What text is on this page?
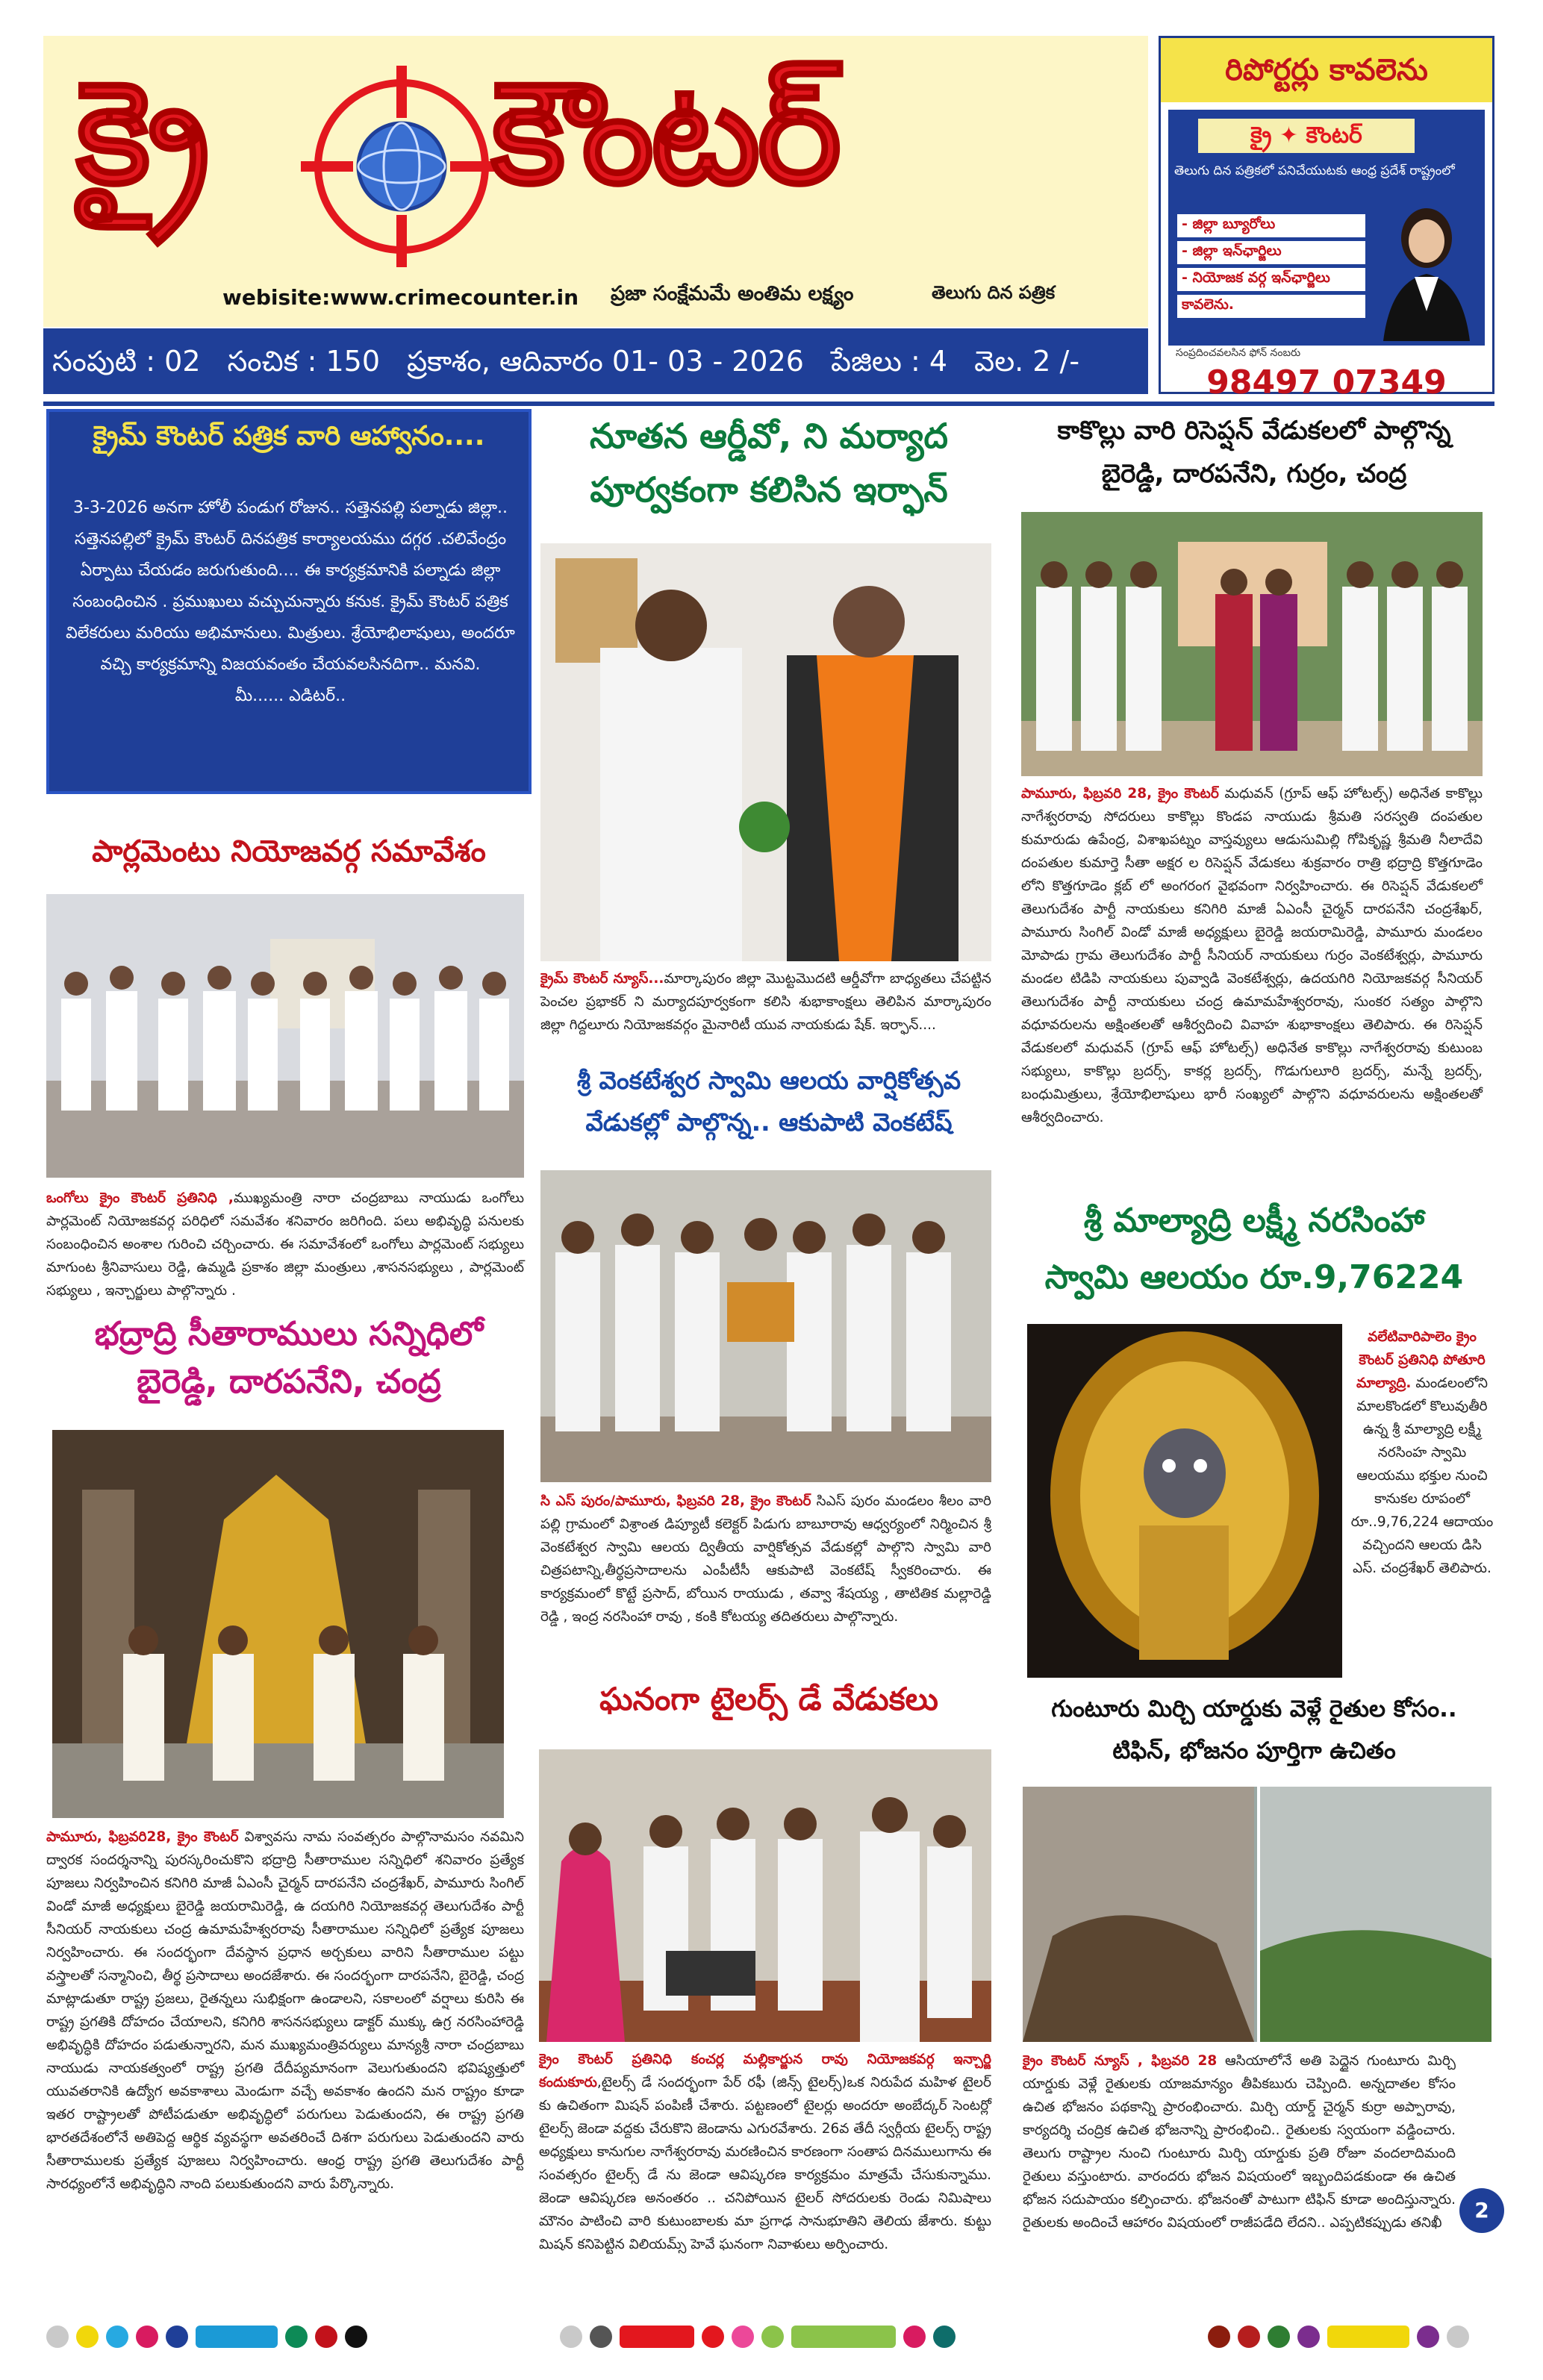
క్రై కౌంటర్
webisite:www.crimecounter.in ప్రజా సంక్షేమమే అంతిమ లక్ష్యం	తెలుగు దిన పత్రిక
రిపోర్టర్లు కావలెను
క్రై ✦ కౌంటర్
తెలుగు దిన పత్రికలో పనిచేయుటకు ఆంధ్ర ప్రదేశ్ రాష్ట్రంలో
- జిల్లా బ్యూరోలు
- జిల్లా ఇన్‌ఛార్జిలు
- నియోజక వర్గ ఇన్‌ఛార్జిలు
కావలెను.
సంప్రదించవలసిన ఫోన్ నంబరు
98497 07349
సంపుటి : 02 సంచిక : 150 ప్రకాశం, ఆదివారం 01- 03 - 2026 పేజిలు : 4 వెల. 2 /-
క్రైమ్ కౌంటర్ పత్రిక వారి ఆహ్వానం....
3-3-2026 అనగా హోలీ పండుగ రోజున.. సత్తెనపల్లి పల్నాడు జిల్లా.. సత్తెనపల్లిలో క్రైమ్ కౌంటర్ దినపత్రిక కార్యాలయము దగ్గర .చలివేంద్రం ఏర్పాటు చేయడం జరుగుతుంది.... ఈ కార్యక్రమానికి పల్నాడు జిల్లా సంబంధించిన . ప్రముఖులు వచ్చుచున్నారు కనుక. క్రైమ్ కౌంటర్ పత్రిక విలేకరులు మరియు అభిమానులు. మిత్రులు. శ్రేయోభిలాషులు, అందరూ వచ్చి కార్యక్రమాన్ని విజయవంతం చేయవలసినదిగా.. మనవి.
మీ...... ఎడిటర్..
పార్లమెంటు నియోజవర్గ సమావేశం
ఒంగోలు క్రైం కౌంటర్ ప్రతినిధి ,ముఖ్యమంత్రి నారా చంద్రబాబు నాయుడు ఒంగోలు పార్లమెంట్ నియోజకవర్గ పరిధిలో సమవేశం శనివారం జరిగింది. పలు అభివృద్ధి పనులకు సంబంధించిన అంశాల గురించి చర్చించారు. ఈ సమావేశంలో ఒంగోలు పార్లమెంట్ సభ్యులు మాగుంట శ్రీనివాసులు రెడ్డి, ఉమ్మడి ప్రకాశం జిల్లా మంత్రులు ,శాసనసభ్యులు , పార్లమెంట్ సభ్యులు , ఇన్చార్జులు పాల్గొన్నారు .
భద్రాద్రి సీతారాములు సన్నిధిలో
బైరెడ్డి, దారపనేని, చంద్ర
పామూరు, ఫిబ్రవరి28, క్రైం కౌంటర్ విశ్వావసు నామ సంవత్సరం పాల్గొనామసం నవమిని ద్వారక సందర్శనాన్ని పురస్కరించుకొని భద్రాద్రి సీతారాముల సన్నిధిలో శనివారం ప్రత్యేక పూజలు నిర్వహించిన కనిగిరి మాజీ ఏఎంసీ చైర్మన్ దారపనేని చంద్రశేఖర్, పామూరు సింగిల్ విండో మాజీ అధ్యక్షులు బైరెడ్డి జయరామిరెడ్డి, ఉ దయగిరి నియోజకవర్గ తెలుగుదేశం పార్టీ సీనియర్ నాయకులు చంద్ర ఉమామహేశ్వరరావు సీతారాముల సన్నిధిలో ప్రత్యేక పూజలు నిర్వహించారు. ఈ సందర్భంగా దేవస్థాన ప్రధాన అర్చకులు వారిని సీతారాముల పట్టు వస్త్రాలతో సన్మానించి, తీర్థ ప్రసాదాలు అందజేశారు. ఈ సందర్భంగా దారపనేని, బైరెడ్డి, చంద్ర మాట్లాడుతూ రాష్ట్ర ప్రజలు, రైతన్నలు సుభిక్షంగా ఉండాలని, సకాలంలో వర్షాలు కురిసి ఈ రాష్ట్ర ప్రగతికి దోహదం చేయాలని, కనిగిరి శాసనసభ్యులు డాక్టర్ ముక్కు ఉగ్ర నరసింహారెడ్డి అభివృద్ధికి దోహదం పడుతున్నారని, మన ముఖ్యమంత్రివర్యులు మాన్యశ్రీ నారా చంద్రబాబు నాయుడు నాయకత్వంలో రాష్ట్ర ప్రగతి దేదీప్యమానంగా వెలుగుతుందని భవిష్యత్తులో యువతరానికి ఉద్యోగ అవకాశాలు మెండుగా వచ్చే అవకాశం ఉందని మన రాష్ట్రం కూడా ఇతర రాష్ట్రాలతో పోటీపడుతూ అభివృద్ధిలో పరుగులు పెడుతుందని, ఈ రాష్ట్ర ప్రగతి భారతదేశంలోనే అతిపెద్ద ఆర్థిక వ్యవస్థగా అవతరించే దిశగా పరుగులు పెడుతుందని వారు సీతారాములకు ప్రత్యేక పూజలు నిర్వహించారు. ఆంధ్ర రాష్ట్ర ప్రగతి తెలుగుదేశం పార్టీ సారధ్యంలోనే అభివృద్ధిని నాంది పలుకుతుందని వారు పేర్కొన్నారు.
నూతన ఆర్డీవో, ని మర్యాద
పూర్వకంగా కలిసిన ఇర్ఫాన్
క్రైమ్ కౌంటర్ న్యూస్...మార్కాపురం జిల్లా మొట్టమొదటి ఆర్డీవోగా బాధ్యతలు చేపట్టిన పెంచల ప్రభాకర్ ని మర్యాదపూర్వకంగా కలిసి శుభాకాంక్షలు తెలిపిన మార్కాపురం జిల్లా గిద్దలూరు నియోజకవర్గం మైనారిటీ యువ నాయకుడు షేక్. ఇర్ఫాన్....
శ్రీ వెంకటేశ్వర స్వామి ఆలయ వార్షికోత్సవ
వేడుకల్లో పాల్గొన్న.. ఆకుపాటి వెంకటేష్
సి ఎస్ పురం/పామూరు, ఫిబ్రవరి 28, క్రైం కౌంటర్ సిఎస్ పురం మండలం శీలం వారి పల్లి గ్రామంలో విశ్రాంత డిప్యూటీ కలెక్టర్ పిడుగు బాబూరావు ఆధ్వర్యంలో నిర్మించిన శ్రీ వెంకటేశ్వర స్వామి ఆలయ ద్వితీయ వార్షికోత్సవ వేడుకల్లో పాల్గొని స్వామి వారి చిత్రపటాన్ని,తీర్థప్రసాదాలను ఎంపీటీసీ ఆకుపాటి వెంకటేష్ స్వీకరించారు. ఈ కార్యక్రమంలో కొట్టే ప్రసాద్, బోయిన రాయుడు , తవ్వా శేషయ్య , తాటితిక మల్లారెడ్డి రెడ్డి , ఇంద్ర నరసింహా రావు , కంకి కోటయ్య తదితరులు పాల్గొన్నారు.
ఘనంగా టైలర్స్ డే వేడుకలు
క్రైం కౌంటర్ ప్రతినిధి కంచర్ల మల్లికార్జున రావు నియోజకవర్గ ఇన్చార్జి కందుకూరు,టైలర్స్ డే సందర్భంగా పేర్ రఫీ (జిన్స్ టైలర్స్)ఒక నిరుపేద మహిళ టైలర్ కు ఉచితంగా మిషన్ పంపిణీ చేశారు. పట్టణంలో టైలర్లు అందరూ అంబేద్కర్ సెంటర్లో టైలర్స్ జెండా వద్దకు చేరుకొని జెండాను ఎగురవేశారు. 26వ తేదీ స్వర్గీయ టైలర్స్ రాష్ట్ర అధ్యక్షులు కానుగుల నాగేశ్వరరావు మరణించిన కారణంగా సంతాప దినములుగాను ఈ సంవత్సరం టైలర్స్ డే ను జెండా ఆవిష్కరణ కార్యక్రమం మాత్రమే చేసుకున్నాము. జెండా ఆవిష్కరణ అనంతరం .. చనిపోయిన టైలర్ సోదరులకు రెండు నిమిషాలు మౌనం పాటించి వారి కుటుంబాలకు మా ప్రగాఢ సానుభూతిని తెలియ జేశారు. కుట్టు మిషన్ కనిపెట్టిన విలియమ్స్ హెవే ఘనంగా నివాళులు అర్పించారు.
కాకొల్లు వారి రిసెప్షన్ వేడుకలలో పాల్గొన్న
బైరెడ్డి, దారపనేని, గుర్రం, చంద్ర
పామూరు, ఫిబ్రవరి 28, క్రైం కౌంటర్ మధువన్ (గ్రూప్ ఆఫ్ హోటల్స్) అధినేత కాకొల్లు నాగేశ్వరరావు సోదరులు కాకొల్లు కొండప నాయుడు శ్రీమతి సరస్వతి దంపతుల కుమారుడు ఉపేంద్ర, విశాఖపట్నం వాస్తవ్యులు ఆడుసుమిల్లి గోపికృష్ణ శ్రీమతి నీలాదేవి దంపతుల కుమార్తె సీతా అక్షర ల రిసెప్షన్ వేడుకలు శుక్రవారం రాత్రి భద్రాద్రి కొత్తగూడెం లోని కొత్తగూడెం క్లబ్ లో అంగరంగ వైభవంగా నిర్వహించారు. ఈ రిసెప్షన్ వేడుకలలో తెలుగుదేశం పార్టీ నాయకులు కనిగిరి మాజీ ఏఎంసీ చైర్మన్ దారపనేని చంద్రశేఖర్, పామూరు సింగిల్ విండో మాజీ అధ్యక్షులు బైరెడ్డి జయరామిరెడ్డి, పామూరు మండలం మోపాడు గ్రామ తెలుగుదేశం పార్టీ సీనియర్ నాయకులు గుర్రం వెంకటేశ్వర్లు, పామూరు మండల టిడిపి నాయకులు పువ్వాడి వెంకటేశ్వర్లు, ఉదయగిరి నియోజకవర్గ సీనియర్ తెలుగుదేశం పార్టీ నాయకులు చంద్ర ఉమామహేశ్వరరావు, సుంకర సత్యం పాల్గొని వధూవరులను అక్షింతలతో ఆశీర్వదించి వివాహ శుభాకాంక్షలు తెలిపారు. ఈ రిసెప్షన్ వేడుకలలో మధువన్ (గ్రూప్ ఆఫ్ హోటల్స్) అధినేత కాకొల్లు నాగేశ్వరరావు కుటుంబ సభ్యులు, కాకొల్లు బ్రదర్స్, కాకర్ల బ్రదర్స్, గొడుగులూరి బ్రదర్స్, మన్నే బ్రదర్స్, బంధుమిత్రులు, శ్రేయోభిలాషులు భారీ సంఖ్యలో పాల్గొని వధూవరులను అక్షింతలతో ఆశీర్వదించారు.
శ్రీ మాల్యాద్రి లక్ష్మీ నరసింహా
స్వామి ఆలయం రూ.9,76224
వలేటివారిపాలెం క్రైం కౌంటర్ ప్రతినిధి పోతూరి మాల్యాద్రి. మండలంలోని మాలకొండలో కొలువుతీరి ఉన్న శ్రీ మాల్యాద్రి లక్ష్మీ నరసింహ స్వామి ఆలయము భక్తుల నుంచి కానుకల రూపంలో రూ..9,76,224 ఆదాయం వచ్చిందని ఆలయ డిసి ఎస్. చంద్రశేఖర్ తెలిపారు.
గుంటూరు మిర్చి యార్డుకు వెళ్లే రైతుల కోసం..
టిఫిన్, భోజనం పూర్తిగా ఉచితం
క్రైం కౌంటర్ న్యూస్ , ఫిబ్రవరి 28 ఆసియాలోనే అతి పెద్దైన గుంటూరు మిర్చి యార్డుకు వెళ్లే రైతులకు యాజమాన్యం తీపికబురు చెప్పింది. అన్నదాతల కోసం ఉచిత భోజనం పథకాన్ని ప్రారంభించారు. మిర్చి యార్డ్ చైర్మన్ కుర్రా అప్పారావు, కార్యదర్శి చంద్రిక ఉచిత భోజనాన్ని ప్రారంభించి.. రైతులకు స్వయంగా వడ్డించారు. తెలుగు రాష్ట్రాల నుంచి గుంటూరు మిర్చి యార్డుకు ప్రతి రోజూ వందలాదిమంది రైతులు వస్తుంటారు. వారందరు భోజన విషయంలో ఇబ్బందిపడకుండా ఈ ఉచిత భోజన సదుపాయం కల్పించారు. భోజనంతో పాటుగా టిఫిన్ కూడా అందిస్తున్నారు. రైతులకు అందించే ఆహారం విషయంలో రాజీపడేది లేదని.. ఎప్పటికప్పుడు తనిఖీ
2
